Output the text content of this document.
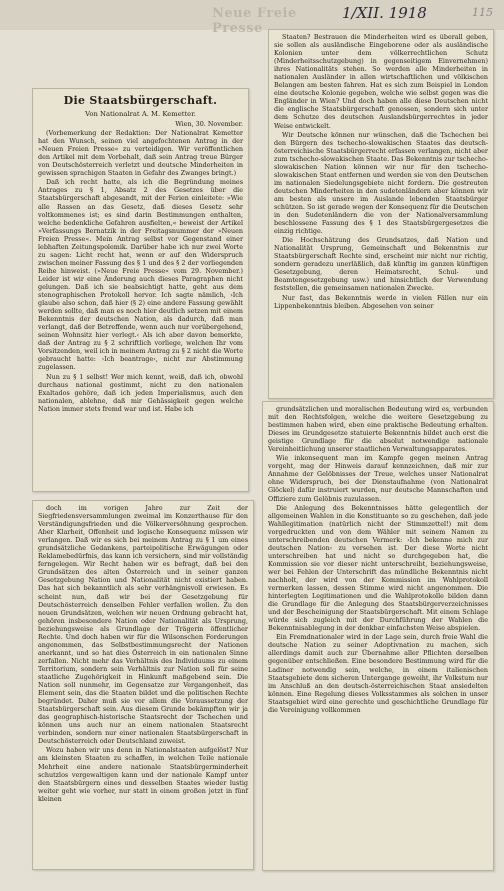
Neue Freie Presse
1/XII. 1918	115
Die Staatsbürgerschaft.
Von Nationalrat A. M. Kemetter.
Wien, 30. November.

(Vorbemerkung der Redaktion: Der Nationalrat Kemetter hat den Wunsch, seinen viel angefochtenen Antrag in der »Neuen Freien Presse« zu verteidigen. Wir veröffentlichen den Artikel mit dem Vorbehalt, daß sein Antrag treue Bürger von Deutschösterreich verletzt und deutsche Minderheiten in gewissen sprachigen Staaten in Gefahr des Zwanges bringt.)

Daß ich recht hatte, als ich die Begründung meines Antrages zu § 1, Absatz 2 des Gesetzes über die Staatsbürgerschaft abgesandt, mit der Ferien einleitete: »Wie alle Rassen an das Gesetz, daß dieses Gesetz sehr voltkommenes ist; es sind darin Bestimmungen enthalten, welche bedenkliche Gefahren ausfielten,« beweist der Artikel »Verfassungs Bernatzik in der Freitagsnummer der »Neuen Freien Presse«. Mein Antrag selbst vor Gegenstand einer lebhaften Zeitungspolemik. Darüber habe ich nur zwei Worte zu sagen: Licht recht hat, wenn er auf den Widerspruch zwischen meiner Fassung des § 1 und des § 2 der vorliegenden Reihe hinweist. (»Neue Freie Presse« vom 29. November.) Leider ist wir eine Änderung auch dieses Paragraphen nicht gelungen. Daß ich sie beabsichtigt hatte, geht aus dem stenographischen Protokoll hervor. Ich sagte nämlich, ›Ich glaube also schon, daß hier (§ 2) eine andere Fassung gewählt werden sollte, daß man es noch hier deutlich setzen mit einem Bekenntnis der deutschen Nation, als dadurch, daß man verlangt, daß der Betreffende, wenn auch nur vorübergehend, seinen Wohnsitz hier verlegt.‹ Als ich aber davon bemerkte, daß der Antrag zu § 2 schriftlich vorliege, welchen Ihr vom Vorsitzenden, weil ich in meinem Antrag zu § 2 nicht die Worte gebraucht hatte: ›Ich beantrage‹, nicht zur Abstimmung zugelassen.

Nun zu § 1 selbst! Wer mich kennt, weiß, daß ich, obwohl durchaus national gestimmt, nicht zu den nationalen Exaltados gehöre, daß ich jeden Imperialismus, auch den nationalen, ablehne, daß mir Gehässigkeit gegen welche Nation immer stets fremd war und ist. Habe ich

Staaten? Bestrauen die Minderheiten wird es überall geben, sie sollen als ausländische Eingeborene oder als ausländische Kolonien unter dem völkerrechtlichen Schutz (Minderheitsschutzgebung) in gegenseitigem Einvernehmen) ihres Nationalitäts stehen. So werden alle Minderheiten in nationalen Ausländer in allen wirtschaftlichen und völkischen Belangen am besten fahren. Hat es sich zum Beispiel in London eine deutsche Kolonie gegeben, welche wie selbst gegen was die Engländer in Wien? Und doch haben alle diese Deutschen nicht die englische Staatsbürgerschaft genossen, sondern sich unter dem Schutze des deutschen Auslandsbürgerrechtes in jeder Weise entwickelt.

Wir Deutsche können nur wünschen, daß die Tschechen bei den Bürgern des tschecho-slowakischen Staates das deutsch-österreichische Staatsbürgerrecht erfassen verlangen, nicht aber zum tschecho-slowakischen Staate. Das Bekenntnis zur tschecho-slowakischen Nation können wir nur für den tschecho-slowakischen Staat entfernen und werden sie von den Deutschen im nationalen Siedelungsgebiete nicht fordern. Die gestreuten deutschen Minderheiten in den sudetenländern aber können wir am besten als unsere im Auslande lebenden Staatsbürger schützen. So ist gerade wegen der Konsequenz für die Deutschen in den Sudetenländern die von der Nationalversammlung beschlossene Fassung des § 1 des Staatsbürgergesetzes die einzig richtige.

Die Hochschätzung des Grundsatzes, daß Nation und Nationalität Ursprung, Gemeinschaft und Bekenntnis zur Staatsbürgerschaft Rechte sind, erscheint mir nicht nur richtig, sondern geradezu unerläßlich, daß künftig im ganzen künftigen Gesetzgebung, deren Heimatsrecht, Schul- und Beamtengesetzgebung usw.) und hinsichtlich der Verwendung feststellen, die gemeinsamen nationalen Zwecke.

Nur fast, das Bekenntnis werde in vielen Fällen nur ein Lippenbekenntnis bleiben. Abgesehen von seiner

doch im vorigen Jahre zur Zeit der Siegfriedensversammlungen zweimal im Konzerthause für den Verständigungsfrieden und die Völkerversöhnung gesprochen. Aber Klarheit, Offenheit und logische Konsequenz müssen wir verlangen. Daß wir es sich bei meinem Antrag zu § 1 um eines grundsätzliche Gedankens, parteipolitische Erwägungen oder Reklamebedürfnis, das kann ich versichern, sind mir vollständig ferngelegen. Wir Recht haben wir es befragt, daß bei den Grundsätzen des alten Österreich und in seiner ganzen Gesetzgebung Nation und Nationalität nicht existiert haben. Das hat sich bekanntlich als sehr verhängnisvoll erwiesen. Es scheint nun, daß wir bei der Gesetzgebung für Deutschösterreich denselben Fehler verfallen wollen. Zu den neuen Grundsätzen, welchen wir neuen Ordnung gebracht hat, gehören insbesondere Nation oder Nationalität als Ursprung, beziehungsweise als Grundlage der Trägerin öffentlicher Rechte. Und doch haben wir für die Wilsonschen Forderungen angenommen, das Selbstbestimmungsrecht der Nationen anerkannt, und so hat dies Österreich in ein nationalen Sinne zerfallen. Nicht mehr das Verhältnis des Individuums zu einem Territorium, sondern sein Verhältnis zur Nation soll für seine staatliche Zugehörigkeit in Hinkunft maßgebend sein. Die Nation soll nunmehr, im Gegensatze zur Vergangenheit, das Element sein, das die Staaten bildet und die politischen Rechte begründet. Daher muß sie vor allem die Voraussetzung der Staatsbürgerschaft sein. Aus diesem Grunde bekämpften wir ja das geographisch-historische Staatsrecht der Tschechen und können uns auch nur an einem nationalen Staatsrecht verbinden, sondern nur einer nationalen Staatsbürgerschaft in Deutschösterreich oder Deutschland zuweist.

Wozu haben wir uns denn in Nationalstaaten aufgelöst? Nur am kleinsten Staaten zu schaffen, in welchen Teile nationale Mehrheit eine andere nationale Staatsbürgerminderheit schutzlos vergewaltigen kann und der nationale Kampf unter den Staatsbürgern eines und desselben Staates wieder lustig weiter geht wie vorher, nur statt in einem großen jetzt in fünf kleinen

grundsätzlichen und moralischen Bedeutung wird es, verbunden mit den Rechtsfolgen, welche die weitere Gesetzgebung zu bestimmen haben wird, eben eine praktische Bedeutung erhalten. Dieses im Grundgesetze statuierte Bekenntnis bildet auch erst die geistige Grundlage für die absolut notwendige nationale Vereinheitlichung unserer staatlichen Verwaltungsapparates.

Wie inkonsequent man im Kampfe gegen meinen Antrag vorgeht, mag der Hinweis darauf kennzeichnen, daß mir zur Annahme der Gelöbnisses der Treue, welches unser Nationalrat ohne Widerspruch, bei der Dienstaufnahme (von Nationalrat Glöckel) dafür instruiert wurden, nur deutsche Mannschaften und Offiziere zum Gelöbnis zuzulassen.

Die Anlegung des Bekenntnisses hätte gelegentlich der allgemeinen Wahlen in die Konstituante so zu geschehen, daß jede Wahllegitimation (natürlich nicht der Stimmzettel!) mit dem vorgedruckten und von dem Wähler mit seinem Namen zu unterschreibenden deutschen Vermerk: ›Ich bekenne mich zur deutschen Nation‹ zu versehen ist. Der diese Worte nicht unterschreiben hat und nicht so durchgegeben hat, die Kommission sie vor dieser nicht unterschreibt, beziehungsweise, wer bei Fehlen der Unterschrift das mündliche Bekenntnis nicht nachholt, der wird von der Kommission im Wahlprotokoll vermerken lassen, dessen Stimme wird nicht angenommen. Die hinterlegten Legitimationen und die Wahlprotokolle bilden dann die Grundlage für die Anlegung des Staatsbürgerverzeichnisses und der Bescheinigung der Staatsbürgerschaft. Mit einem Schlage würde sich zugleich mit der Durchführung der Wahlen die Bekenntnisablegung in der denkbar einfachsten Weise abspielen.

Ein Fremdnationaler wird in der Lage sein, durch freie Wahl die deutsche Nation zu seiner Adoptivnation zu machen, sich allerdings damit auch zur Übernahme aller Pflichten derselben gegenüber entschließen. Eine besondere Bestimmung wird für die Ladiner notwendig sein, welche, in einem italienischen Staatsgebiete dem sicheren Untergange geweiht, ihr Volkstum nur im Anschluß an den deutsch-österreichischen Staat ansiedelten können. Eine Regelung dieses Volksstammes als solchen in unser Staatsgebiet wird eine gerechte und geschichtliche Grundlage für die Vereinigung vollkommen
